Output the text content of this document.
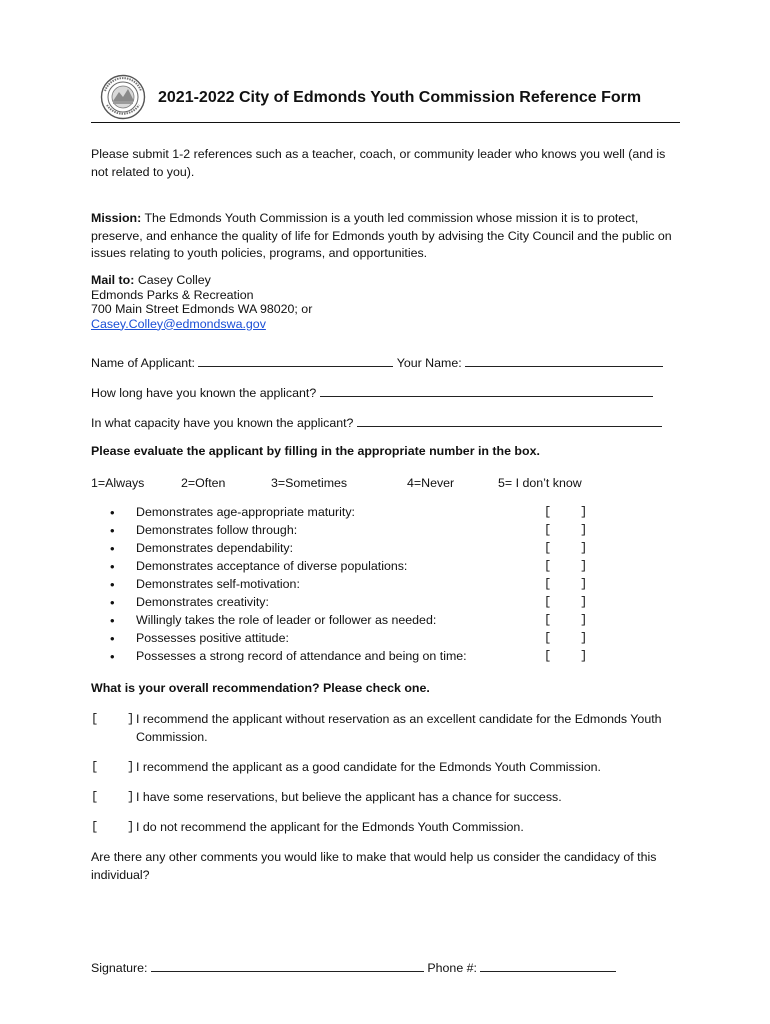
2021-2022 City of Edmonds Youth Commission Reference Form
Please submit 1-2 references such as a teacher, coach, or community leader who knows you well (and is not related to you).
Mission: The Edmonds Youth Commission is a youth led commission whose mission it is to protect, preserve, and enhance the quality of life for Edmonds youth by advising the City Council and the public on issues relating to youth policies, programs, and opportunities.
Mail to: Casey Colley
Edmonds Parks & Recreation
700 Main Street Edmonds WA 98020; or
Casey.Colley@edmondswa.gov
Name of Applicant:	Your Name:
How long have you known the applicant?
In what capacity have you known the applicant?
Please evaluate the applicant by filling in the appropriate number in the box.
1=Always	2=Often	3=Sometimes	4=Never	5= I don’t know
• Demonstrates age-appropriate maturity:	[    ]
• Demonstrates follow through:	[    ]
• Demonstrates dependability:	[    ]
• Demonstrates acceptance of diverse populations:	[    ]
• Demonstrates self-motivation:	[    ]
• Demonstrates creativity:	[    ]
• Willingly takes the role of leader or follower as needed:	[    ]
• Possesses positive attitude:	[    ]
• Possesses a strong record of attendance and being on time:	[    ]
What is your overall recommendation? Please check one.
[    ] I recommend the applicant without reservation as an excellent candidate for the Edmonds Youth Commission.
[    ] I recommend the applicant as a good candidate for the Edmonds Youth Commission.
[    ] I have some reservations, but believe the applicant has a chance for success.
[    ] I do not recommend the applicant for the Edmonds Youth Commission.
Are there any other comments you would like to make that would help us consider the candidacy of this individual?
Signature:	Phone #:
